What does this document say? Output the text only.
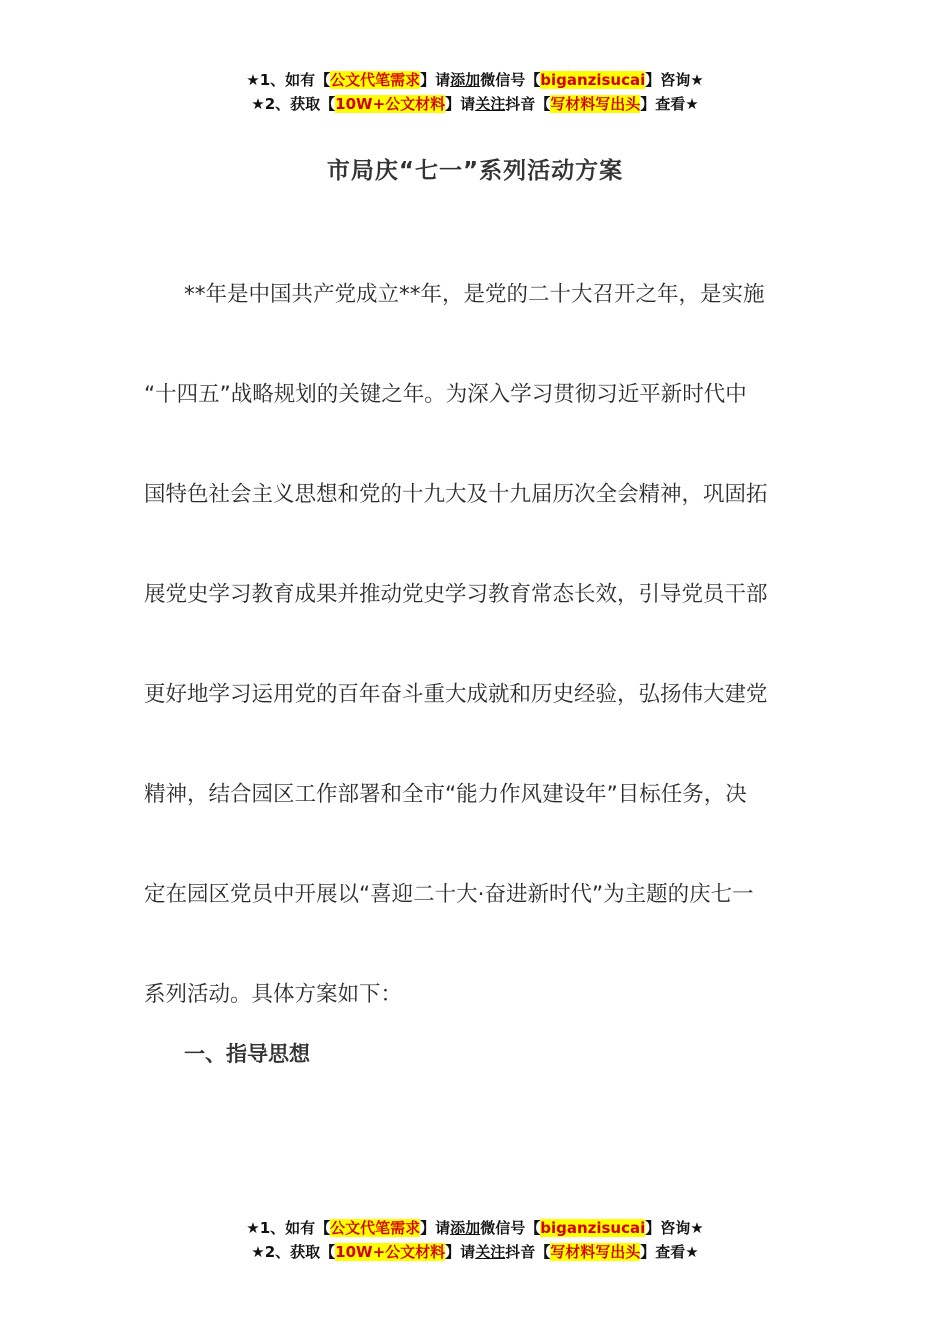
★1、如有【公文代笔需求】请添加微信号【biganzisucai】咨询★
★2、获取【10W+公文材料】请关注抖音【写材料写出头】查看★
市局庆“七一”系列活动方案
**年是中国共产党成立**年，是党的二十大召开之年，是实施
“十四五”战略规划的关键之年。为深入学习贯彻习近平新时代中
国特色社会主义思想和党的十九大及十九届历次全会精神，巩固拓
展党史学习教育成果并推动党史学习教育常态长效，引导党员干部
更好地学习运用党的百年奋斗重大成就和历史经验，弘扬伟大建党
精神，结合园区工作部署和全市“能力作风建设年”目标任务，决
定在园区党员中开展以“喜迎二十大·奋进新时代”为主题的庆七一
系列活动。具体方案如下：
一、指导思想
★1、如有【公文代笔需求】请添加微信号【biganzisucai】咨询★
★2、获取【10W+公文材料】请关注抖音【写材料写出头】查看★
